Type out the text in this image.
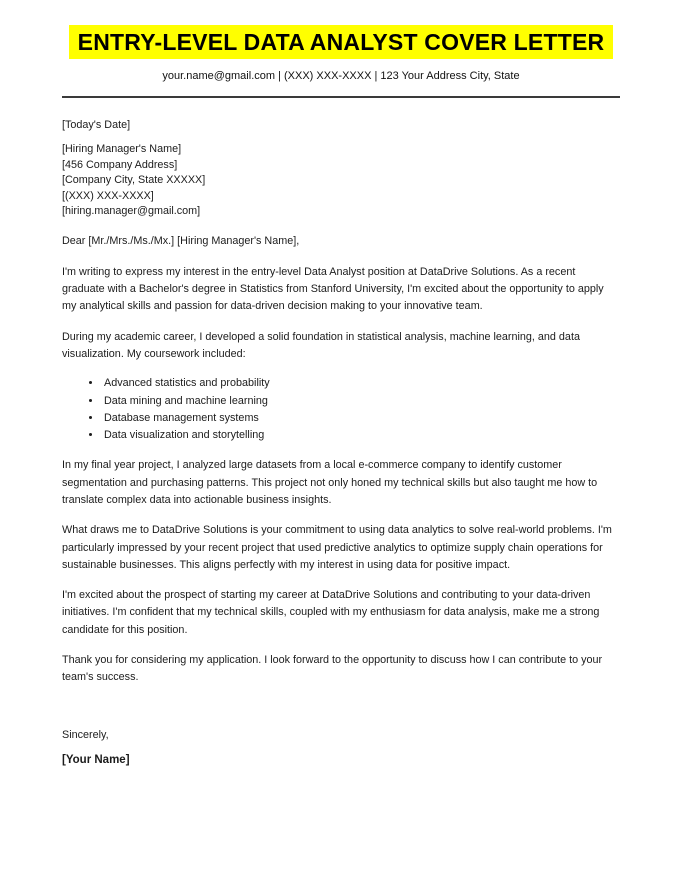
ENTRY-LEVEL DATA ANALYST COVER LETTER
your.name@gmail.com | (XXX) XXX-XXXX | 123 Your Address City, State
[Today's Date]
[Hiring Manager's Name]
[456 Company Address]
[Company City, State XXXXX]
[(XXX) XXX-XXXX]
[hiring.manager@gmail.com]

Dear [Mr./Mrs./Ms./Mx.] [Hiring Manager's Name],

I'm writing to express my interest in the entry-level Data Analyst position at DataDrive Solutions. As a recent graduate with a Bachelor's degree in Statistics from Stanford University, I'm excited about the opportunity to apply my analytical skills and passion for data-driven decision making to your innovative team.

During my academic career, I developed a solid foundation in statistical analysis, machine learning, and data visualization. My coursework included:

• Advanced statistics and probability
• Data mining and machine learning
• Database management systems
• Data visualization and storytelling

In my final year project, I analyzed large datasets from a local e-commerce company to identify customer segmentation and purchasing patterns. This project not only honed my technical skills but also taught me how to translate complex data into actionable business insights.

What draws me to DataDrive Solutions is your commitment to using data analytics to solve real-world problems. I'm particularly impressed by your recent project that used predictive analytics to optimize supply chain operations for sustainable businesses. This aligns perfectly with my interest in using data for positive impact.

I'm excited about the prospect of starting my career at DataDrive Solutions and contributing to your data-driven initiatives. I'm confident that my technical skills, coupled with my enthusiasm for data analysis, make me a strong candidate for this position.

Thank you for considering my application. I look forward to the opportunity to discuss how I can contribute to your team's success.

Sincerely,

[Your Name]
